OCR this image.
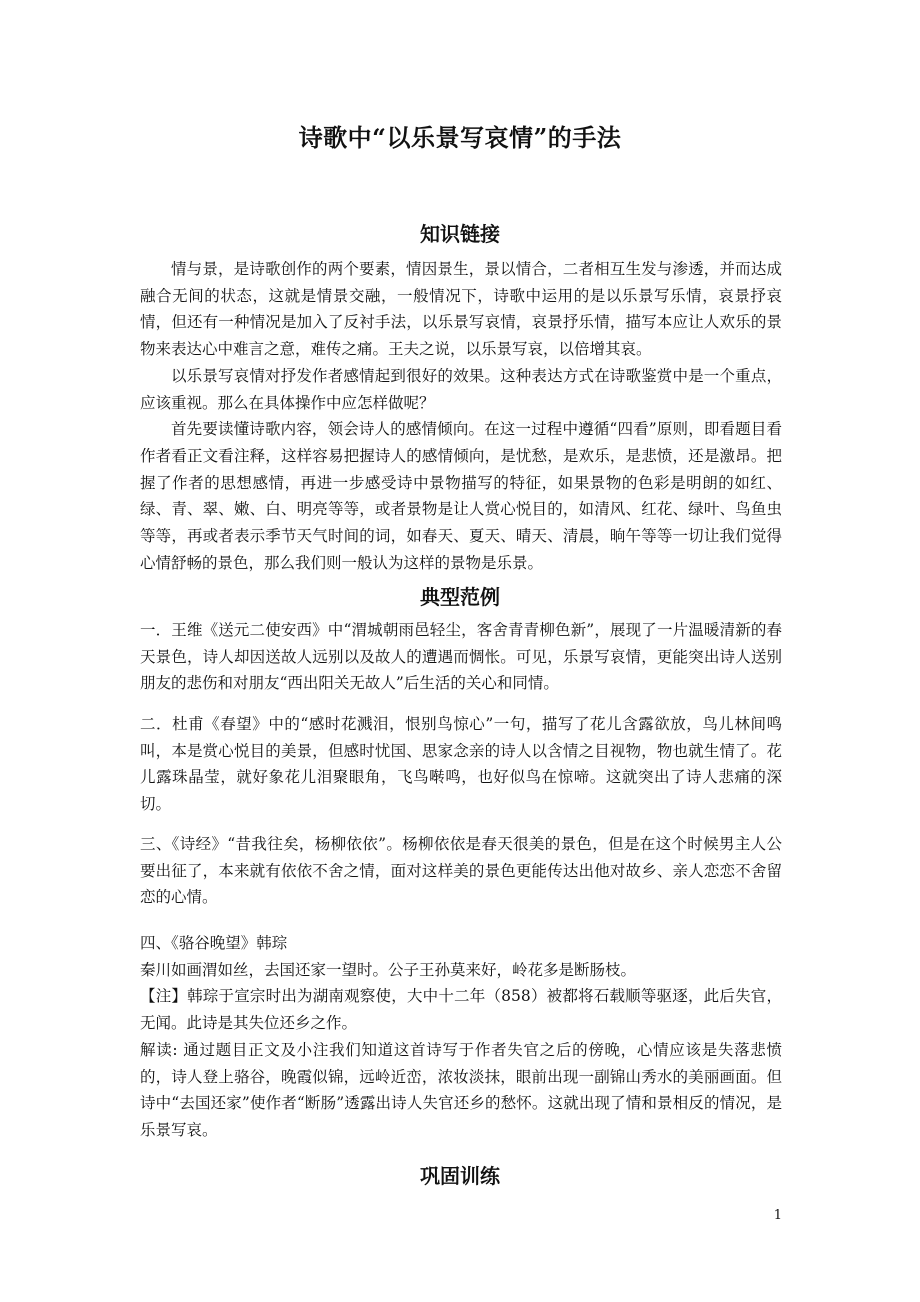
诗歌中“以乐景写哀情”的手法
知识链接

情与景，是诗歌创作的两个要素，情因景生，景以情合，二者相互生发与渗透，并而达成融合无间的状态，这就是情景交融，一般情况下，诗歌中运用的是以乐景写乐情，哀景抒哀情，但还有一种情况是加入了反衬手法，以乐景写哀情，哀景抒乐情，描写本应让人欢乐的景物来表达心中难言之意，难传之痛。王夫之说，以乐景写哀，以倍增其哀。

以乐景写哀情对抒发作者感情起到很好的效果。这种表达方式在诗歌鉴赏中是一个重点，应该重视。那么在具体操作中应怎样做呢？

首先要读懂诗歌内容，领会诗人的感情倾向。在这一过程中遵循“四看”原则，即看题目看作者看正文看注释，这样容易把握诗人的感情倾向，是忧愁，是欢乐，是悲愤，还是激昂。把握了作者的思想感情，再进一步感受诗中景物描写的特征，如果景物的色彩是明朗的如红、绿、青、翠、嫩、白、明亮等等，或者景物是让人赏心悦目的，如清风、红花、绿叶、鸟鱼虫等等，再或者表示季节天气时间的词，如春天、夏天、晴天、清晨，晌午等等一切让我们觉得心情舒畅的景色，那么我们则一般认为这样的景物是乐景。

典型范例

一．王维《送元二使安西》中“渭城朝雨邑轻尘，客舍青青柳色新”，展现了一片温暖清新的春天景色，诗人却因送故人远别以及故人的遭遇而惆怅。可见，乐景写哀情，更能突出诗人送别朋友的悲伤和对朋友“西出阳关无故人”后生活的关心和同情。

二．杜甫《春望》中的“感时花溅泪，恨别鸟惊心”一句，描写了花儿含露欲放，鸟儿林间鸣叫，本是赏心悦目的美景，但感时忧国、思家念亲的诗人以含情之目视物，物也就生情了。花儿露珠晶莹，就好象花儿泪聚眼角，飞鸟啭鸣，也好似鸟在惊啼。这就突出了诗人悲痛的深切。

三、《诗经》“昔我往矣，杨柳依依”。杨柳依依是春天很美的景色，但是在这个时候男主人公要出征了，本来就有依依不舍之情，面对这样美的景色更能传达出他对故乡、亲人恋恋不舍留恋的心情。

四、《骆谷晚望》韩琮

秦川如画渭如丝，去国还家一望时。公子王孙莫来好，岭花多是断肠枝。

【注】韩琮于宣宗时出为湖南观察使，大中十二年（858）被都将石载顺等驱逐，此后失官，无闻。此诗是其失位还乡之作。

解读: 通过题目正文及小注我们知道这首诗写于作者失官之后的傍晚，心情应该是失落悲愤的，诗人登上骆谷，晚霞似锦，远岭近峦，浓妆淡抹，眼前出现一副锦山秀水的美丽画面。但诗中“去国还家”使作者“断肠”透露出诗人失官还乡的愁怀。这就出现了情和景相反的情况，是乐景写哀。

巩固训练
1
